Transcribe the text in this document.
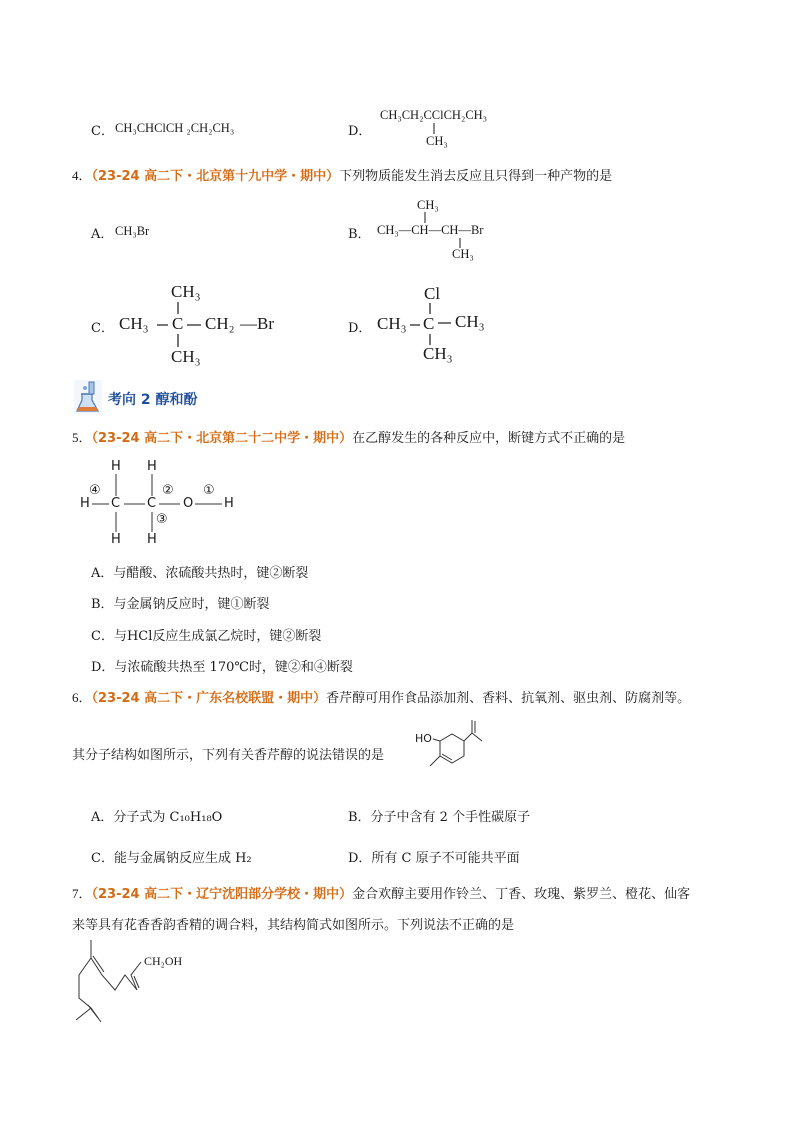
C． CH₃CHClCH ₂CH₂CH₃	D．
CH₃CH₂CClCH₂CH₃
CH₃
4．（23-24 高二下・北京第十九中学・期中）下列物质能发生消去反应且只得到一种产物的是
A． CH₃Br	B．
CH₃
CH₃—CH—CH—Br
CH₃
C．
CH₃
CH₃ C CH₂ —Br
CH₃
D．
Cl
CH₃ C CH₃
CH₃
考向 2 醇和酚
5．（23-24 高二下・北京第二十二中学・期中）在乙醇发生的各种反应中，断键方式不正确的是
H H
H C C O H
H H
④	② ①
③
A．与醋酸、浓硫酸共热时，键②断裂
B．与金属钠反应时，键①断裂
C．与HCl反应生成氯乙烷时，键②断裂
D．与浓硫酸共热至 170℃时，键②和④断裂
6．（23-24 高二下・广东名校联盟・期中）香芹醇可用作食品添加剂、香料、抗氧剂、驱虫剂、防腐剂等。
其分子结构如图所示，下列有关香芹醇的说法错误的是
HO
A．分子式为 C₁₀H₁₈O	B．分子中含有 2 个手性碳原子
C．能与金属钠反应生成 H₂	D．所有 C 原子不可能共平面
7．（23-24 高二下・辽宁沈阳部分学校・期中）金合欢醇主要用作铃兰、丁香、玫瑰、紫罗兰、橙花、仙客
来等具有花香香韵香精的调合料，其结构简式如图所示。下列说法不正确的是
CH₂OH
